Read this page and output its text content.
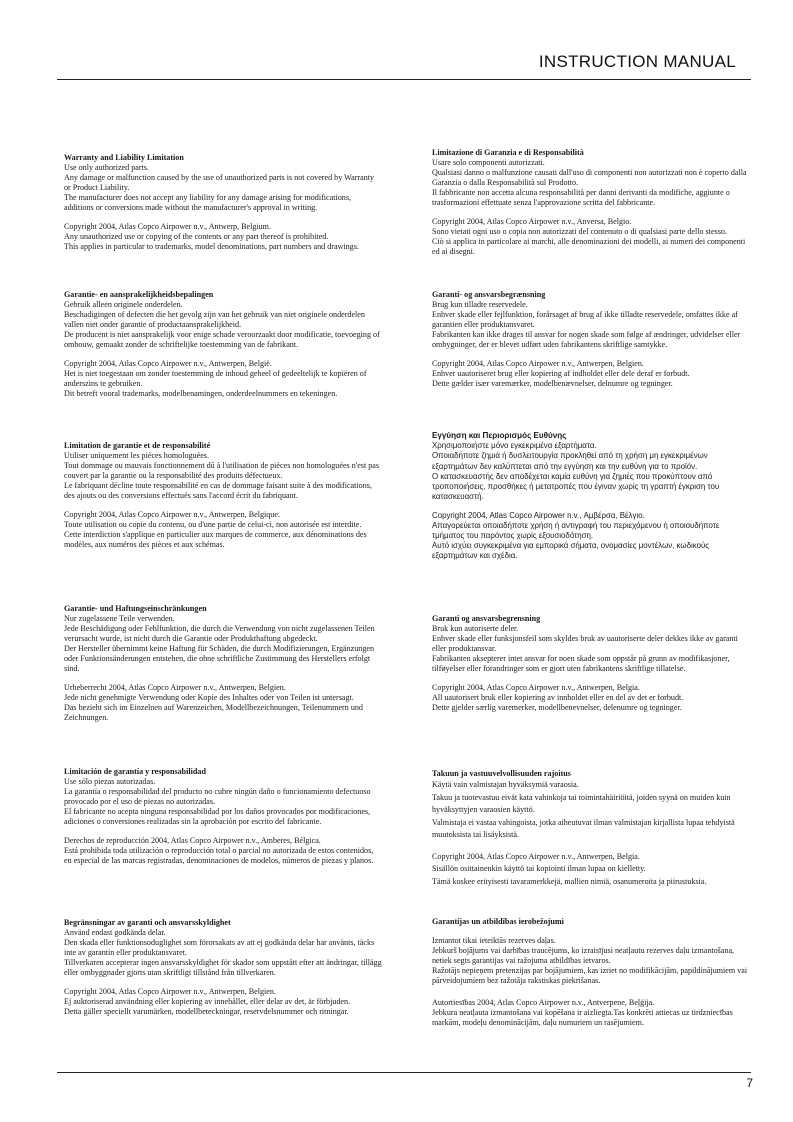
INSTRUCTION MANUAL
Warranty and Liability Limitation

Use only authorized parts.
Any damage or malfunction caused by the use of unauthorized parts is not covered by Warranty or Product Liability.
The manufacturer does not accept any liability for any damage arising for modifications, additions or conversions made without the manufacturer's approval in writing.

Copyright 2004, Atlas Copco Airpower n.v., Antwerp, Belgium.
Any unauthorized use or copying of the contents or any part thereof is prohibited.
This applies in particular to trademarks, model denominations, part numbers and drawings.

Garantie- en aansprakelijkheidsbepalingen

Gebruik alleen originele onderdelen.
Beschadigingen of defecten die het gevolg zijn van het gebruik van niet originele onderdelen vallen niet onder garantie of productaansprakelijkheid.
De producent is niet aansprakelijk voor enige schade veroorzaakt door modificatie, toevoeging of ombouw, gemaakt zonder de schriftelijke toestemming van de fabrikant.

Copyright 2004, Atlas Copco Airpower n.v., Antwerpen, België.
Het is niet toegestaan om zonder toestemming de inhoud geheel of gedeeltelijk te kopiëren of anderszins te gebruiken.
Dit betreft vooral trademarks, modelbenamingen, onderdeelnummers en tekeningen.

Limitation de garantie et de responsabilité

Utiliser uniquement les pièces homologuées.
Tout dommage ou mauvais fonctionnement dû à l'utilisation de pièces non homologuées n'est pas couvert par la garantie ou la responsabilité des produits défectueux.
Le fabriquant décline toute responsabilité en cas de dommage faisant suite à des modifications, des ajouts ou des conversions effectués sans l'accord écrit du fabriquant.

Copyright 2004, Atlas Copco Airpower n.v., Antwerpen, Belgique.
Toute utilisation ou copie du contenu, ou d'une partie de celui-ci, non autorisée est interdite.
Cette interdiction s'applique en particulier aux marques de commerce, aux dénominations des modèles, aux numéros des pièces et aux schémas.

Garantie- und Haftungseinschränkungen

Nur zugelassene Teile verwenden.
Jede Beschädigung oder Fehlfunktion, die durch die Verwendung von nicht zugelassenen Teilen verursacht wurde, ist nicht durch die Garantie oder Produkthaftung abgedeckt.
Der Hersteller übernimmt keine Haftung für Schäden, die durch Modifizierungen, Ergänzungen oder Funktionsänderungen entstehen, die ohne schriftliche Zustimmung des Herstellers erfolgt sind.

Urheberrecht 2004, Atlas Copco Airpower n.v., Antwerpen, Belgien.
Jede nicht genehmigte Verwendung oder Kopie des Inhaltes oder von Teilen ist untersagt.
Das bezieht sich im Einzelnen auf Warenzeichen, Modellbezeichnungen, Teilenummern und Zeichnungen.

Limitación de garantía y responsabilidad

Use sólo piezas autorizadas.
La garantía o responsabilidad del producto no cubre ningún daño o funcionamiento defectuoso provocado por el uso de piezas no autorizadas.
El fabricante no acepta ninguna responsabilidad por los daños provocados por modificaciones, adiciones o conversiones realizadas sin la aprobación por escrito del fabricante.

Derechos de reproducción 2004, Atlas Copco Airpower n.v., Amberes, Bélgica.
Está prohibida toda utilización o reproducción total o parcial no autorizada de estos contenidos,
en especial de las marcas registradas, denominaciones de modelos, números de piezas y planos.

Begränsningar av garanti och ansvarsskyldighet

Använd endast godkända delar.
Den skada eller funktionsoduglighet som förorsakats av att ej godkända delar har använts, täcks inte av garantin eller produktansvaret.
Tillverkaren accepterar ingen ansvarsskyldighet för skador som uppstått efter att ändringar, tillägg eller ombyggnader gjorts utan skriftligt tillstånd från tillverkaren.

Copyright 2004, Atlas Copco Airpower n.v., Antwerpen, Belgien.
Ej auktoriserad användning eller kopiering av innehållet, eller delar av det, är förbjuden.
Detta gäller speciellt varumärken, modellbeteckningar, reservdelsnummer och ritningar.

Limitazione di Garanzia e di Responsabilità

Usare solo componenti autorizzati.
Qualsiasi danno o malfunzione causati dall'uso di componenti non autorizzati non è coperto dalla Garanzia o dalla Responsabilità sul Prodotto.
Il fabbricante non accetta alcuna responsabilità per danni derivanti da modifiche, aggiunte o trasformazioni effettuate senza l'approvazione scritta del fabbricante.

Copyright 2004, Atlas Copco Airpower n.v., Anversa, Belgio.
Sono vietati ogni uso o copia non autorizzati del contenuto o di qualsiasi parte dello stesso.
Ciò si applica in particolare ai marchi, alle denominazioni dei modelli, ai numeri dei componenti ed ai disegni.

Garanti- og ansvarsbegrænsning

Brug kun tilladte reservedele.
Enhver skade eller fejlfunktion, forårsaget af brug af ikke tilladte reservedele, omfattes ikke af garantien eller produktansvaret.
Fabrikanten kan ikke drages til ansvar for nogen skade som følge af ændringer, udvidelser eller ombygninger, der er blevet udført uden fabrikantens skriftlige samtykke.

Copyright 2004, Atlas Copco Airpower n.v., Antwerpen, Belgien.
Enhver uautoriseret brug eller kopiering af indholdet eller dele deraf er forbudt.
Dette gælder især varemærker, modelbenævnelser, delnumre og tegninger.

Εγγύηση και Περιορισμός Ευθύνης

Χρησιμοποιήστε μόνο εγκεκριμένα εξαρτήματα.
Οποιαδήποτε ζημιά ή δυσλειτουργία προκληθεί από τη χρήση μη εγκεκριμένων εξαρτημάτων δεν καλύπτεται από την εγγύηση και την ευθύνη για το προϊόν.
Ο κατασκευαστής δεν αποδέχεται καμία ευθύνη για ζημιές που προκύπτουν από τροποποιήσεις, προσθήκες ή μετατροπές που έγιναν χωρίς τη γραπτή έγκριση του κατασκευαστή.

Copyright 2004, Atlas Copco Airpower n.v., Αμβέρσα, Βέλγιο.
Απαγορεύεται οποιαδήποτε χρήση ή αντιγραφή του περιεχόμενου ή οποιουδήποτε τμήματος του παρόντος χωρίς εξουσιοδότηση.
Αυτό ισχύει συγκεκριμένα για εμπορικά σήματα, ονομασίες μοντέλων, κωδικούς εξαρτημάτων και σχέδια.

Garanti og ansvarsbegrensning

Bruk kun autoriserte deler.
Enhver skade eller funksjonsfeil som skyldes bruk av uautoriserte deler dekkes ikke av garanti eller produktansvar.
Fabrikanten aksepterer intet ansvar for noen skade som oppstår på grunn av modifikasjoner, tilføyelser eller forandringer som er gjort uten fabrikantens skriftlige tillatelse.

Copyright 2004, Atlas Copco Airpower n.v., Antwerpen, Belgia.
All uautorisert bruk eller kopiering av innholdet eller en del av det er forbudt.
Dette gjelder særlig varemerker, modellbenevnelser, delenumre og tegninger.

Takuun ja vastuuvelvollisuuden rajoitus

Käytä vain valmistajan hyväksymiä varaosia.
Takuu ja tuotevastuu eivät kata vahinkoja tai toimintahäiriöitä, joiden syynä on muiden kuin hyväksyttyjen varaosien käyttö.
Valmistaja ei vastaa vahingoista, jotka aiheutuvat ilman valmistajan kirjallista lupaa tehdyistä muutoksista tai lisäyksistä.

Copyright 2004, Atlas Copco Airpower n.v., Antwerpen, Belgia.
Sisällön osittainenkin käyttö tai kopiointi ilman lupaa on kielletty.
Tämä koskee erityisesti tavaramerkkejä, mallien nimiä, osanumeroita ja piirustuksia.

Garantijas un atbildības ierobežojumi

Izmantot tikai ieteiktās rezerves daļas.
Jebkurš bojājums vai darbības traucējums, ko izraisījusi neatļautu rezerves daļu izmantošana, netiek segts garantijas vai ražojuma atbildības ietvaros.
Ražotājs nepieņem pretenzijas par bojājumiem, kas izriet no modifikācijām, papildinājumiem vai pārveidojumiem bez ražotāja rakstiskas piekrišanas.

Autortiesības 2004, Atlas Copco Airpower n.v., Antverpene, Beļģija.
Jebkura neatļauta izmantošana vai kopēšana ir aizliegta.Tas konkrēti attiecas uz tirdzniecības markām, modeļu denominācijām, daļu numuriem un rasējumiem.

7
